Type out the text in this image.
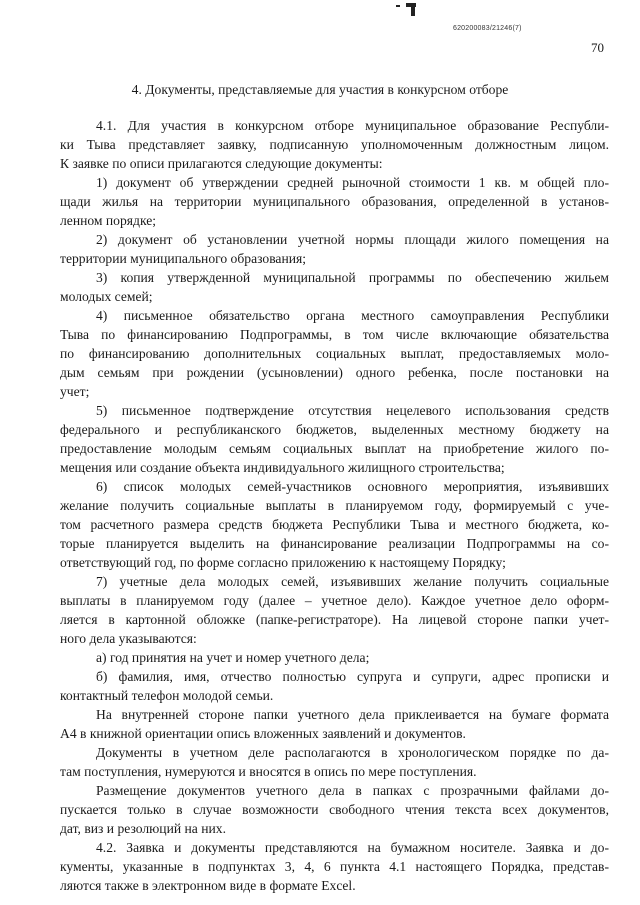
620200083/21246(7)
70
4. Документы, представляемые для участия в конкурсном отборе

4.1. Для участия в конкурсном отборе муниципальное образование Республи-

ки Тыва представляет заявку, подписанную уполномоченным должностным лицом.

К заявке по описи прилагаются следующие документы:

1) документ об утверждении средней рыночной стоимости 1 кв. м общей пло-

щади жилья на территории муниципального образования, определенной в установ-

ленном порядке;

2) документ об установлении учетной нормы площади жилого помещения на

территории муниципального образования;

3) копия утвержденной муниципальной программы по обеспечению жильем

молодых семей;

4) письменное обязательство органа местного самоуправления Республики

Тыва по финансированию Подпрограммы, в том числе включающие обязательства

по финансированию дополнительных социальных выплат, предоставляемых моло-

дым семьям при рождении (усыновлении) одного ребенка, после постановки на

учет;

5) письменное подтверждение отсутствия нецелевого использования средств

федерального и республиканского бюджетов, выделенных местному бюджету на

предоставление молодым семьям социальных выплат на приобретение жилого по-

мещения или создание объекта индивидуального жилищного строительства;

6) список молодых семей-участников основного мероприятия, изъявивших

желание получить социальные выплаты в планируемом году, формируемый с уче-

том расчетного размера средств бюджета Республики Тыва и местного бюджета, ко-

торые планируется выделить на финансирование реализации Подпрограммы на со-

ответствующий год, по форме согласно приложению к настоящему Порядку;

7) учетные дела молодых семей, изъявивших желание получить социальные

выплаты в планируемом году (далее – учетное дело). Каждое учетное дело оформ-

ляется в картонной обложке (папке-регистраторе). На лицевой стороне папки учет-

ного дела указываются:

а) год принятия на учет и номер учетного дела;

б) фамилия, имя, отчество полностью супруга и супруги, адрес прописки и

контактный телефон молодой семьи.

На внутренней стороне папки учетного дела приклеивается на бумаге формата

А4 в книжной ориентации опись вложенных заявлений и документов.

Документы в учетном деле располагаются в хронологическом порядке по да-

там поступления, нумеруются и вносятся в опись по мере поступления.

Размещение документов учетного дела в папках с прозрачными файлами до-

пускается только в случае возможности свободного чтения текста всех документов,

дат, виз и резолюций на них.

4.2. Заявка и документы представляются на бумажном носителе. Заявка и до-

кументы, указанные в подпунктах 3, 4, 6 пункта 4.1 настоящего Порядка, представ-

ляются также в электронном виде в формате Excel.
